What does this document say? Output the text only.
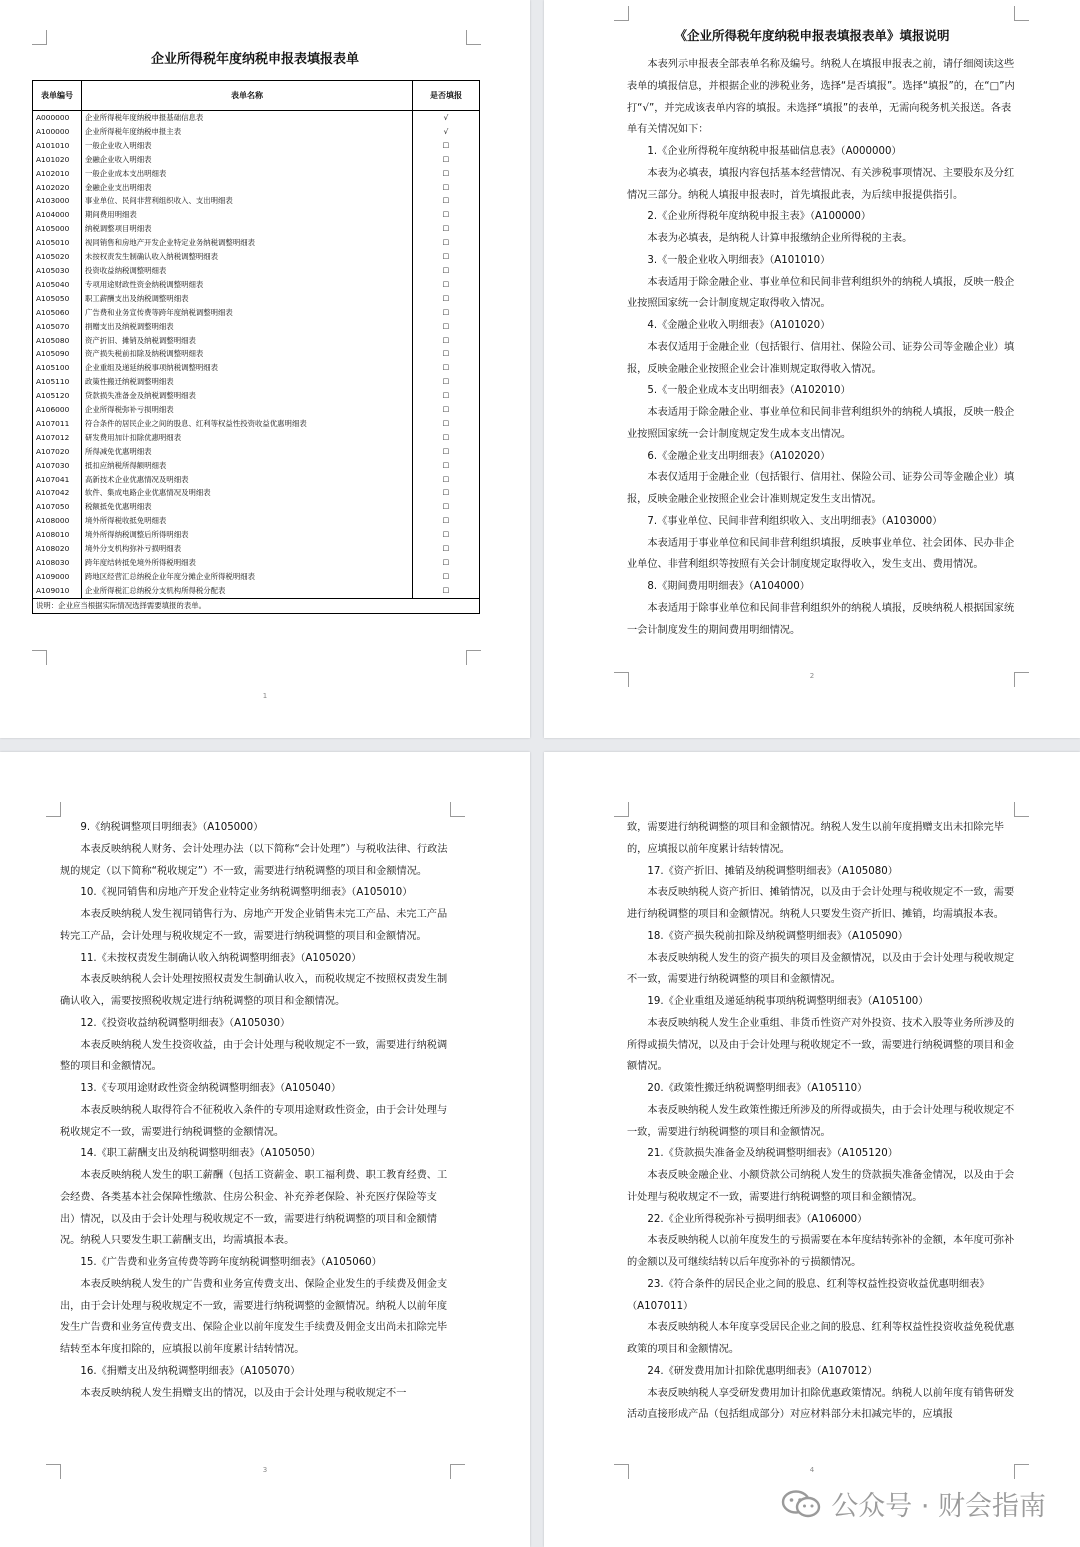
企业所得税年度纳税申报表填报表单
表单编号	表单名称	是否填报
A000000	企业所得税年度纳税申报基础信息表	√
A100000	企业所得税年度纳税申报主表	√
A101010	一般企业收入明细表	☐
A101020	金融企业收入明细表	☐
A102010	一般企业成本支出明细表	☐
A102020	金融企业支出明细表	☐
A103000	事业单位、民间非营利组织收入、支出明细表	☐
A104000	期间费用明细表	☐
A105000	纳税调整项目明细表	☐
A105010	视同销售和房地产开发企业特定业务纳税调整明细表	☐
A105020	未按权责发生制确认收入纳税调整明细表	☐
A105030	投资收益纳税调整明细表	☐
A105040	专项用途财政性资金纳税调整明细表	☐
A105050	职工薪酬支出及纳税调整明细表	☐
A105060	广告费和业务宣传费等跨年度纳税调整明细表	☐
A105070	捐赠支出及纳税调整明细表	☐
A105080	资产折旧、摊销及纳税调整明细表	☐
A105090	资产损失税前扣除及纳税调整明细表	☐
A105100	企业重组及递延纳税事项纳税调整明细表	☐
A105110	政策性搬迁纳税调整明细表	☐
A105120	贷款损失准备金及纳税调整明细表	☐
A106000	企业所得税弥补亏损明细表	☐
A107011	符合条件的居民企业之间的股息、红利等权益性投资收益优惠明细表	☐
A107012	研发费用加计扣除优惠明细表	☐
A107020	所得减免优惠明细表	☐
A107030	抵扣应纳税所得额明细表	☐
A107041	高新技术企业优惠情况及明细表	☐
A107042	软件、集成电路企业优惠情况及明细表	☐
A107050	税额抵免优惠明细表	☐
A108000	境外所得税收抵免明细表	☐
A108010	境外所得纳税调整后所得明细表	☐
A108020	境外分支机构弥补亏损明细表	☐
A108030	跨年度结转抵免境外所得税明细表	☐
A109000	跨地区经营汇总纳税企业年度分摊企业所得税明细表	☐
A109010	企业所得税汇总纳税分支机构所得税分配表	☐
说明：企业应当根据实际情况选择需要填报的表单。		
1
《企业所得税年度纳税申报表填报表单》填报说明

本表列示申报表全部表单名称及编号。纳税人在填报申报表之前，请仔细阅读这些表单的填报信息，并根据企业的涉税业务，选择“是否填报”。选择“填报”的，在“□”内打“√”，并完成该表单内容的填报。未选择“填报”的表单，无需向税务机关报送。各表单有关情况如下：

1.《企业所得税年度纳税申报基础信息表》（A000000）

本表为必填表，填报内容包括基本经营情况、有关涉税事项情况、主要股东及分红情况三部分。纳税人填报申报表时，首先填报此表，为后续申报提供指引。

2.《企业所得税年度纳税申报主表》（A100000）

本表为必填表，是纳税人计算申报缴纳企业所得税的主表。

3.《一般企业收入明细表》（A101010）

本表适用于除金融企业、事业单位和民间非营利组织外的纳税人填报，反映一般企业按照国家统一会计制度规定取得收入情况。

4.《金融企业收入明细表》（A101020）

本表仅适用于金融企业（包括银行、信用社、保险公司、证券公司等金融企业）填报，反映金融企业按照企业会计准则规定取得收入情况。

5.《一般企业成本支出明细表》（A102010）

本表适用于除金融企业、事业单位和民间非营利组织外的纳税人填报，反映一般企业按照国家统一会计制度规定发生成本支出情况。

6.《金融企业支出明细表》（A102020）

本表仅适用于金融企业（包括银行、信用社、保险公司、证券公司等金融企业）填报，反映金融企业按照企业会计准则规定发生支出情况。

7.《事业单位、民间非营利组织收入、支出明细表》（A103000）

本表适用于事业单位和民间非营利组织填报，反映事业单位、社会团体、民办非企业单位、非营利组织等按照有关会计制度规定取得收入，发生支出、费用情况。

8.《期间费用明细表》（A104000）

本表适用于除事业单位和民间非营利组织外的纳税人填报，反映纳税人根据国家统一会计制度发生的期间费用明细情况。

2

9.《纳税调整项目明细表》（A105000）

本表反映纳税人财务、会计处理办法（以下简称“会计处理”）与税收法律、行政法规的规定（以下简称“税收规定”）不一致，需要进行纳税调整的项目和金额情况。

10.《视同销售和房地产开发企业特定业务纳税调整明细表》（A105010）

本表反映纳税人发生视同销售行为、房地产开发企业销售未完工产品、未完工产品转完工产品，会计处理与税收规定不一致，需要进行纳税调整的项目和金额情况。

11.《未按权责发生制确认收入纳税调整明细表》（A105020）

本表反映纳税人会计处理按照权责发生制确认收入，而税收规定不按照权责发生制确认收入，需要按照税收规定进行纳税调整的项目和金额情况。

12.《投资收益纳税调整明细表》（A105030）

本表反映纳税人发生投资收益，由于会计处理与税收规定不一致，需要进行纳税调整的项目和金额情况。

13.《专项用途财政性资金纳税调整明细表》（A105040）

本表反映纳税人取得符合不征税收入条件的专项用途财政性资金，由于会计处理与税收规定不一致，需要进行纳税调整的金额情况。

14.《职工薪酬支出及纳税调整明细表》（A105050）

本表反映纳税人发生的职工薪酬（包括工资薪金、职工福利费、职工教育经费、工会经费、各类基本社会保障性缴款、住房公积金、补充养老保险、补充医疗保险等支出）情况，以及由于会计处理与税收规定不一致，需要进行纳税调整的项目和金额情况。纳税人只要发生职工薪酬支出，均需填报本表。

15.《广告费和业务宣传费等跨年度纳税调整明细表》（A105060）

本表反映纳税人发生的广告费和业务宣传费支出、保险企业发生的手续费及佣金支出，由于会计处理与税收规定不一致，需要进行纳税调整的金额情况。纳税人以前年度发生广告费和业务宣传费支出、保险企业以前年度发生手续费及佣金支出尚未扣除完毕结转至本年度扣除的，应填报以前年度累计结转情况。

16.《捐赠支出及纳税调整明细表》（A105070）

本表反映纳税人发生捐赠支出的情况，以及由于会计处理与税收规定不一

3

致，需要进行纳税调整的项目和金额情况。纳税人发生以前年度捐赠支出未扣除完毕的，应填报以前年度累计结转情况。

17.《资产折旧、摊销及纳税调整明细表》（A105080）

本表反映纳税人资产折旧、摊销情况，以及由于会计处理与税收规定不一致，需要进行纳税调整的项目和金额情况。纳税人只要发生资产折旧、摊销，均需填报本表。

18.《资产损失税前扣除及纳税调整明细表》（A105090）

本表反映纳税人发生的资产损失的项目及金额情况，以及由于会计处理与税收规定不一致，需要进行纳税调整的项目和金额情况。

19.《企业重组及递延纳税事项纳税调整明细表》（A105100）

本表反映纳税人发生企业重组、非货币性资产对外投资、技术入股等业务所涉及的所得或损失情况，以及由于会计处理与税收规定不一致，需要进行纳税调整的项目和金额情况。

20.《政策性搬迁纳税调整明细表》（A105110）

本表反映纳税人发生政策性搬迁所涉及的所得或损失，由于会计处理与税收规定不一致，需要进行纳税调整的项目和金额情况。

21.《贷款损失准备金及纳税调整明细表》（A105120）

本表反映金融企业、小额贷款公司纳税人发生的贷款损失准备金情况，以及由于会计处理与税收规定不一致，需要进行纳税调整的项目和金额情况。

22.《企业所得税弥补亏损明细表》（A106000）

本表反映纳税人以前年度发生的亏损需要在本年度结转弥补的金额，本年度可弥补的金额以及可继续结转以后年度弥补的亏损额情况。

23.《符合条件的居民企业之间的股息、红利等权益性投资收益优惠明细表》

（A107011）

本表反映纳税人本年度享受居民企业之间的股息、红利等权益性投资收益免税优惠政策的项目和金额情况。

24.《研发费用加计扣除优惠明细表》（A107012）

本表反映纳税人享受研发费用加计扣除优惠政策情况。纳税人以前年度有销售研发活动直接形成产品（包括组成部分）对应材料部分未扣减完毕的，应填报

4
公众号 · 财会指南
